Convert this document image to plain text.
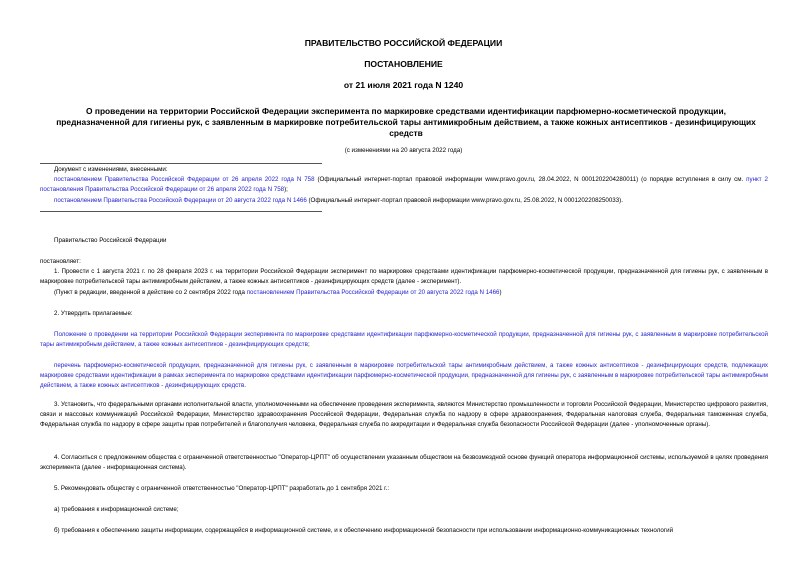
ПРАВИТЕЛЬСТВО РОССИЙСКОЙ ФЕДЕРАЦИИ
ПОСТАНОВЛЕНИЕ
от 21 июля 2021 года N 1240
О проведении на территории Российской Федерации эксперимента по маркировке средствами идентификации парфюмерно-косметической продукции, предназначенной для гигиены рук, с заявленным в маркировке потребительской тары антимикробным действием, а также кожных антисептиков - дезинфицирующих средств
(с изменениями на 20 августа 2022 года)
Документ с изменениями, внесенными:
постановлением Правительства Российской Федерации от 26 апреля 2022 года N 758 (Официальный интернет-портал правовой информации www.pravo.gov.ru, 28.04.2022, N 0001202204280011) (о порядке вступления в силу см. пункт 2 постановления Правительства Российской Федерации от 26 апреля 2022 года N 758);
постановлением Правительства Российской Федерации от 20 августа 2022 года N 1466 (Официальный интернет-портал правовой информации www.pravo.gov.ru, 25.08.2022, N 0001202208250033).
Правительство Российской Федерации
постановляет:
1. Провести с 1 августа 2021 г. по 28 февраля 2023 г. на территории Российской Федерации эксперимент по маркировке средствами идентификации парфюмерно-косметической продукции, предназначенной для гигиены рук, с заявленным в маркировке потребительской тары антимикробным действием, а также кожных антисептиков - дезинфицирующих средств (далее - эксперимент).
(Пункт в редакции, введенной в действие со 2 сентября 2022 года постановлением Правительства Российской Федерации от 20 августа 2022 года N 1466)
2. Утвердить прилагаемые:
Положение о проведении на территории Российской Федерации эксперимента по маркировке средствами идентификации парфюмерно-косметической продукции, предназначенной для гигиены рук, с заявленным в маркировке потребительской тары антимикробным действием, а также кожных антисептиков - дезинфицирующих средств;
перечень парфюмерно-косметической продукции, предназначенной для гигиены рук, с заявленным в маркировке потребительской тары антимикробным действием, а также кожных антисептиков - дезинфицирующих средств, подлежащих маркировке средствами идентификации в рамках эксперимента по маркировке средствами идентификации парфюмерно-косметической продукции, предназначенной для гигиены рук, с заявленным в маркировке потребительской тары антимикробным действием, а также кожных антисептиков - дезинфицирующих средств.
3. Установить, что федеральными органами исполнительной власти, уполномоченными на обеспечение проведения эксперимента, являются Министерство промышленности и торговли Российской Федерации, Министерство цифрового развития, связи и массовых коммуникаций Российской Федерации, Министерство здравоохранения Российской Федерации, Федеральная служба по надзору в сфере здравоохранения, Федеральная налоговая служба, Федеральная таможенная служба, Федеральная служба по надзору в сфере защиты прав потребителей и благополучия человека, Федеральная служба по аккредитации и Федеральная служба безопасности Российской Федерации (далее - уполномоченные органы).
4. Согласиться с предложением общества с ограниченной ответственностью "Оператор-ЦРПТ" об осуществлении указанным обществом на безвозмездной основе функций оператора информационной системы, используемой в целях проведения эксперимента (далее - информационная система).
5. Рекомендовать обществу с ограниченной ответственностью "Оператор-ЦРПТ" разработать до 1 сентября 2021 г.:
а) требования к информационной системе;
б) требования к обеспечению защиты информации, содержащейся в информационной системе, и к обеспечению информационной безопасности при использовании информационно-коммуникационных технологий
